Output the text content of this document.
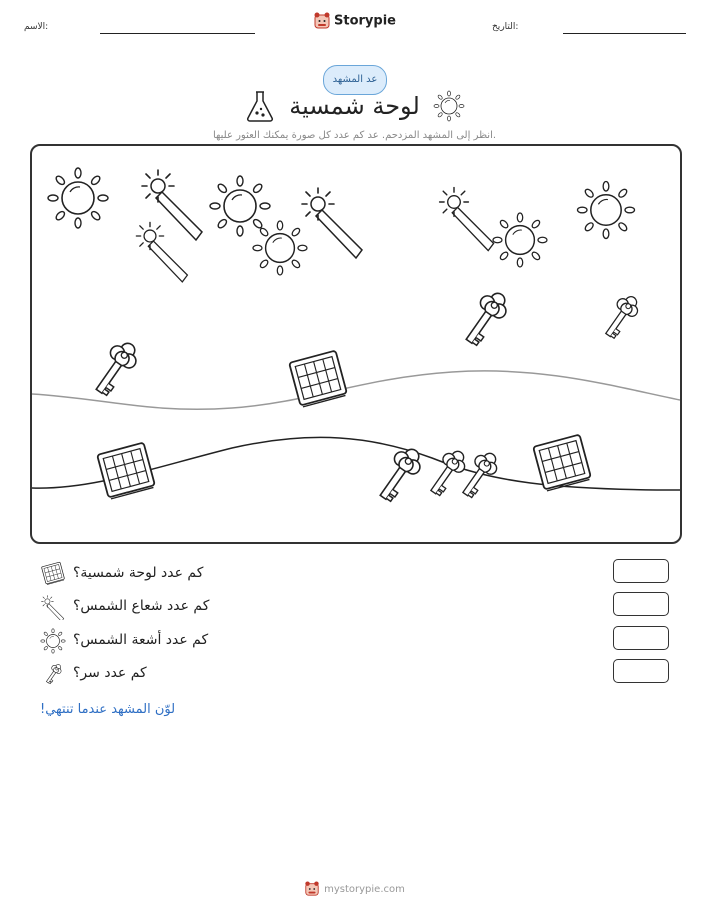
الاسم:	التاريخ:
Storypie
عد المشهد
لوحة شمسية
انظر إلى المشهد المزدحم. عد كم عدد كل صورة يمكنك العثور عليها.
كم عدد لوحة شمسية؟
كم عدد شعاع الشمس؟
كم عدد أشعة الشمس؟
كم عدد سر؟
لوّن المشهد عندما تنتهي!
mystorypie.com
